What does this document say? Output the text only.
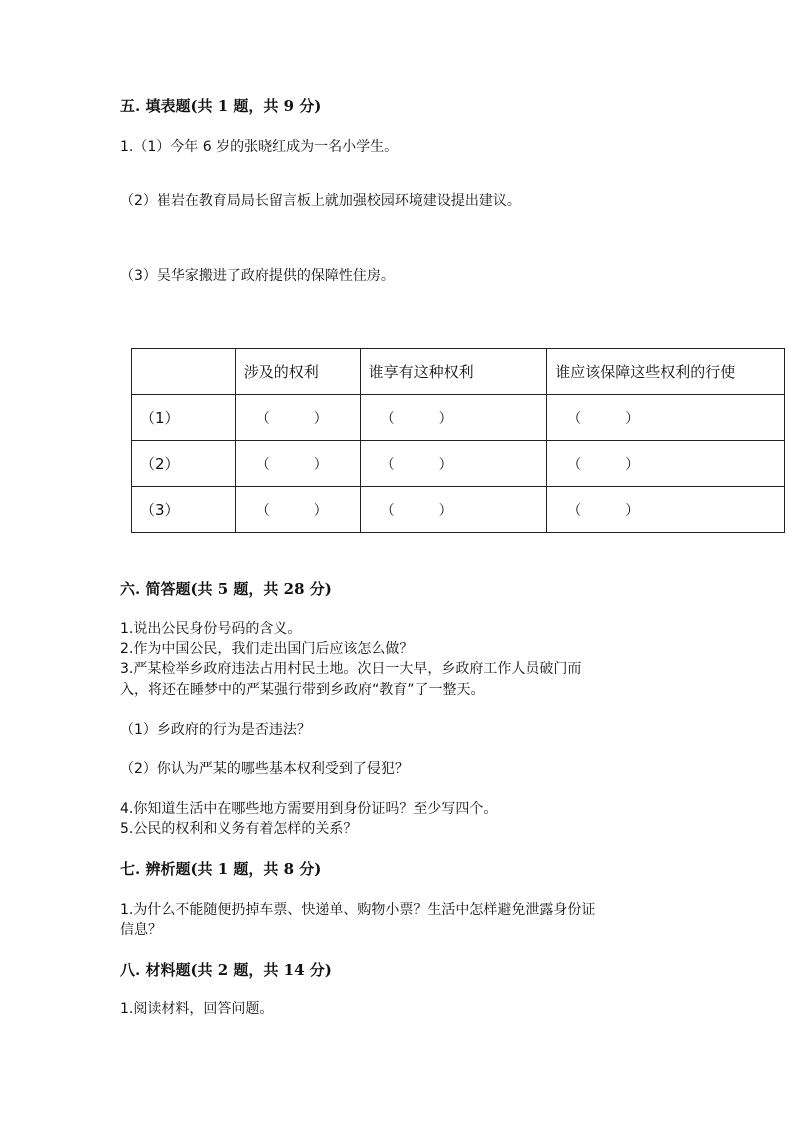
五. 填表题(共 1 题，共 9 分)
1.（1）今年 6 岁的张晓红成为一名小学生。
（2）崔岩在教育局局长留言板上就加强校园环境建设提出建议。
（3）吴华家搬进了政府提供的保障性住房。
	涉及的权利	谁享有这种权利	谁应该保障这些权利的行使
（1）	（ ）	（ ）	（ ）
（2）	（ ）	（ ）	（ ）
（3）	（ ）	（ ）	（ ）
六. 简答题(共 5 题，共 28 分)
1.说出公民身份号码的含义。
2.作为中国公民，我们走出国门后应该怎么做？
3.严某检举乡政府违法占用村民土地。次日一大早，乡政府工作人员破门而
入，将还在睡梦中的严某强行带到乡政府“教育”了一整天。
（1）乡政府的行为是否违法？
（2）你认为严某的哪些基本权利受到了侵犯？
4.你知道生活中在哪些地方需要用到身份证吗？至少写四个。
5.公民的权利和义务有着怎样的关系？
七. 辨析题(共 1 题，共 8 分)
1.为什么不能随便扔掉车票、快递单、购物小票？生活中怎样避免泄露身份证
信息？
八. 材料题(共 2 题，共 14 分)
1.阅读材料，回答问题。
